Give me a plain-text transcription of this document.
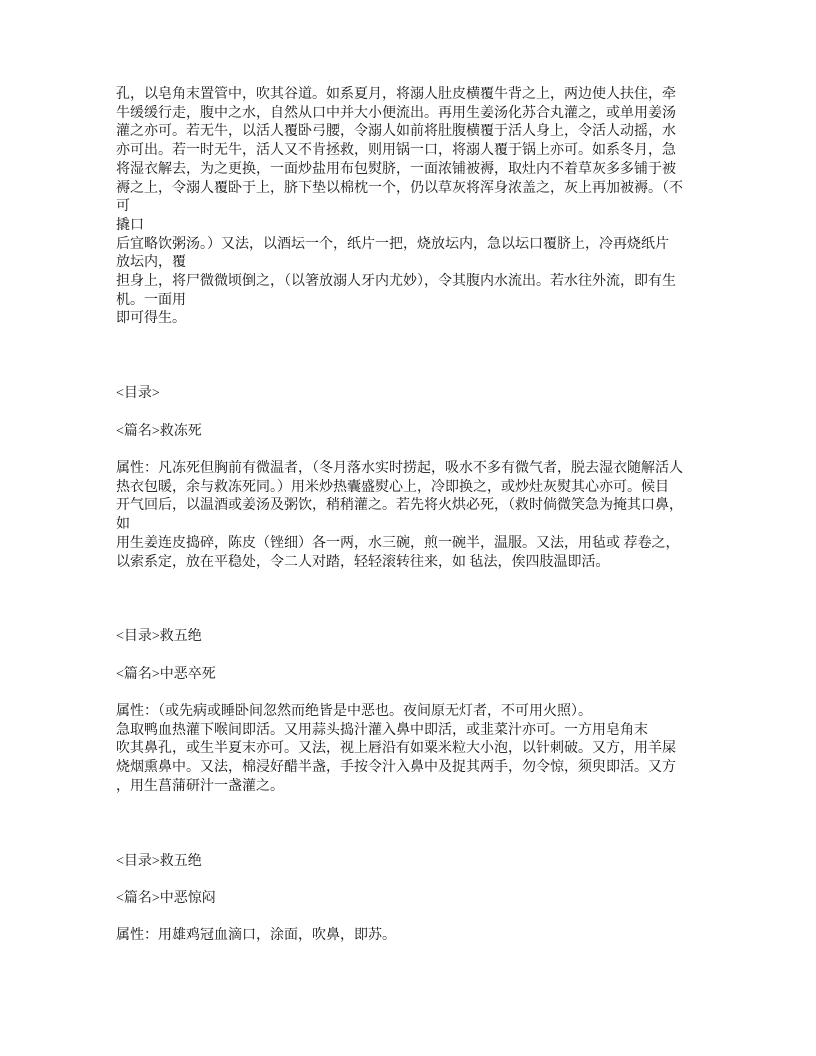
孔，以皂角末置管中，吹其谷道。如系夏月，将溺人肚皮横覆牛背之上，两边使人扶住，牵
牛缓缓行走，腹中之水，自然从口中并大小便流出。再用生姜汤化苏合丸灌之，或单用姜汤
灌之亦可。若无牛，以活人覆卧弓腰，令溺人如前将肚腹横覆于活人身上，令活人动摇，水
亦可出。若一时无牛，活人又不肯拯救，则用锅一口，将溺人覆于锅上亦可。如系冬月，急
将湿衣解去，为之更换，一面炒盐用布包熨脐，一面浓铺被褥，取灶内不着草灰多多铺于被
褥之上，令溺人覆卧于上，脐下垫以棉枕一个，仍以草灰将浑身浓盖之，灰上再加被褥。（不
可
撬口
后宜略饮粥汤。）又法，以酒坛一个，纸片一把，烧放坛内，急以坛口覆脐上，冷再烧纸片
放坛内，覆
担身上，将尸微微顷倒之，（以箸放溺人牙内尤妙），令其腹内水流出。若水往外流，即有生
机。一面用
即可得生。
<目录>
<篇名>救冻死
属性：凡冻死但胸前有微温者，（冬月落水实时捞起，吸水不多有微气者，脱去湿衣随解活人
热衣包暖，余与救冻死同。）用米炒热囊盛熨心上，冷即换之，或炒灶灰熨其心亦可。候目
开气回后，以温酒或姜汤及粥饮，稍稍灌之。若先将火烘必死，（救时倘微笑急为掩其口鼻，
如
用生姜连皮捣碎，陈皮（锉细）各一两，水三碗，煎一碗半，温服。又法，用毡或 荐卷之，
以索系定，放在平稳处，令二人对踏，轻轻滚转往来，如 毡法，俟四肢温即活。
<目录>救五绝
<篇名>中恶卒死
属性：（或先病或睡卧间忽然而绝皆是中恶也。夜间原无灯者，不可用火照）。
急取鸭血热灌下喉间即活。又用蒜头捣汁灌入鼻中即活，或韭菜汁亦可。一方用皂角末
吹其鼻孔，或生半夏末亦可。又法，视上唇沿有如粟米粒大小泡，以针刺破。又方，用羊屎
烧烟熏鼻中。又法，棉浸好醋半盏，手按令汁入鼻中及捉其两手，勿令惊，须臾即活。又方
，用生菖蒲研汁一盏灌之。
<目录>救五绝
<篇名>中恶惊闷
属性：用雄鸡冠血滴口，涂面，吹鼻，即苏。
